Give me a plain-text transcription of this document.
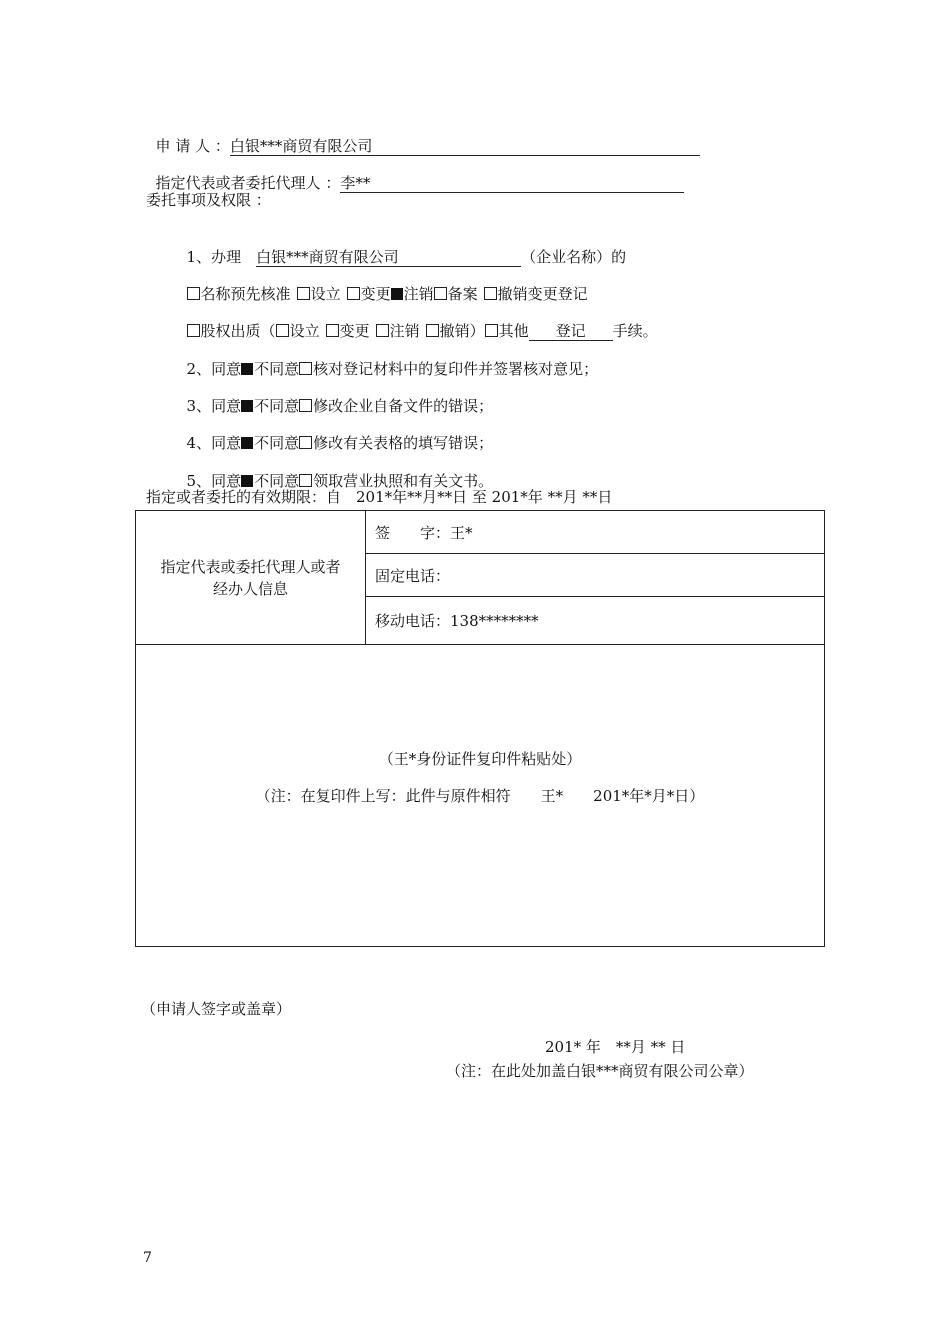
申 请 人 ：白银***商贸有限公司

指定代表或者委托代理人 ：李**

委托事项及权限 ：

1、办理  白银***商贸有限公司	（企业名称）的

名称预先核准 设立 变更 注销 备案 撤销变更登记

股权出质（ 设立 变更 注销 撤销） 其他 登记 手续。

2、同意 不同意 核对登记材料中的复印件并签署核对意见；

3、同意 不同意 修改企业自备文件的错误；

4、同意 不同意 修改有关表格的填写错误；

5、同意 不同意 领取营业执照和有关文书。

指定或者委托的有效期限：自　201*年**月**日 至 201*年 **月 **日
指定代表或委托代理人或者
经办人信息
	签　　字：王*
固定电话：
移动电话：138********

（王*身份证件复印件粘贴处）
（注：在复印件上写：此件与原件相符　　王*　　201*年*月*日）
（申请人签字或盖章）
201* 年　**月 ** 日
（注：在此处加盖白银***商贸有限公司公章）
7
